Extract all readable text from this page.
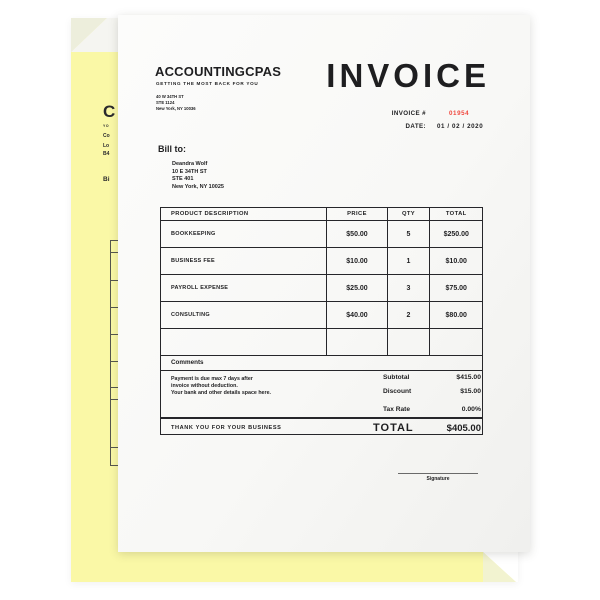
C
YO
Co
Lo
B4
Bi
ACCOUNTINGCPAS
GETTING THE MOST BACK FOR YOU
40 W 34TH ST
STE 1124
New York, NY 10036
INVOICE
INVOICE #	01954
DATE: 01 / 02 / 2020
Bill to:
Deandra Wolf
10 E 34TH ST
STE 401
New York, NY 10025
PRODUCT DESCRIPTION	PRICE	QTY	TOTAL
BOOKKEEPING	$50.00	5	$250.00
BUSINESS FEE	$10.00	1	$10.00
PAYROLL EXPENSE	$25.00	3	$75.00
CONSULTING	$40.00	2	$80.00
Comments
Payment is due max 7 days after
invoice without deduction.
Your bank and other details space here.
Subtotal	$415.00
Discount	$15.00
Tax Rate	0.00%
THANK YOU FOR YOUR BUSINESS	TOTAL	$405.00
Signature
